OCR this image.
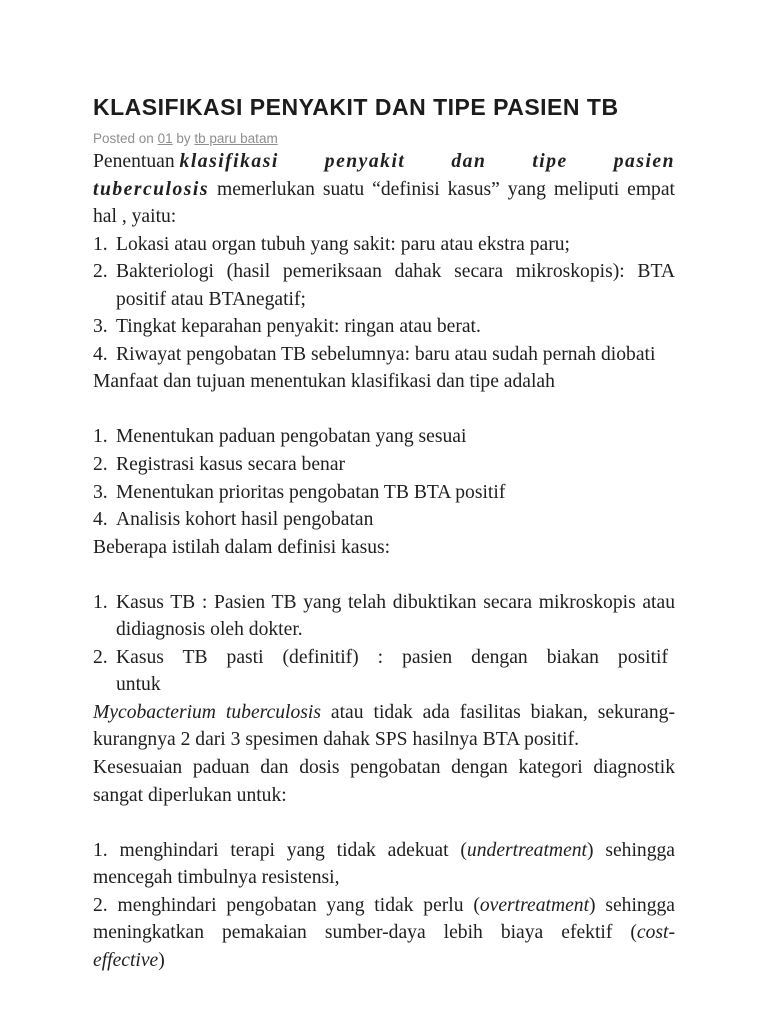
KLASIFIKASI PENYAKIT DAN TIPE PASIEN TB
Posted on 01 by tb paru batam
Penentuan klasifikasi penyakit dan tipe pasien
tuberculosis memerlukan suatu “definisi kasus” yang meliputi empat
hal , yaitu:
1. Lokasi atau organ tubuh yang sakit: paru atau ekstra paru;
2. Bakteriologi (hasil pemeriksaan dahak secara mikroskopis): BTA
positif atau BTAnegatif;
3. Tingkat keparahan penyakit: ringan atau berat.
4. Riwayat pengobatan TB sebelumnya: baru atau sudah pernah diobati
Manfaat dan tujuan menentukan klasifikasi dan tipe adalah
1. Menentukan paduan pengobatan yang sesuai
2. Registrasi kasus secara benar
3. Menentukan prioritas pengobatan TB BTA positif
4. Analisis kohort hasil pengobatan
Beberapa istilah dalam definisi kasus:
1. Kasus TB : Pasien TB yang telah dibuktikan secara mikroskopis atau
didiagnosis oleh dokter.
2. Kasus TB pasti (definitif) : pasien dengan biakan positif
untuk
Mycobacterium tuberculosis atau tidak ada fasilitas biakan, sekurang-
kurangnya 2 dari 3 spesimen dahak SPS hasilnya BTA positif.
Kesesuaian paduan dan dosis pengobatan dengan kategori diagnostik
sangat diperlukan untuk:
1. menghindari terapi yang tidak adekuat (undertreatment) sehingga
mencegah timbulnya resistensi,
2. menghindari pengobatan yang tidak perlu (overtreatment) sehingga
meningkatkan pemakaian sumber-daya lebih biaya efektif (cost-
effective)
